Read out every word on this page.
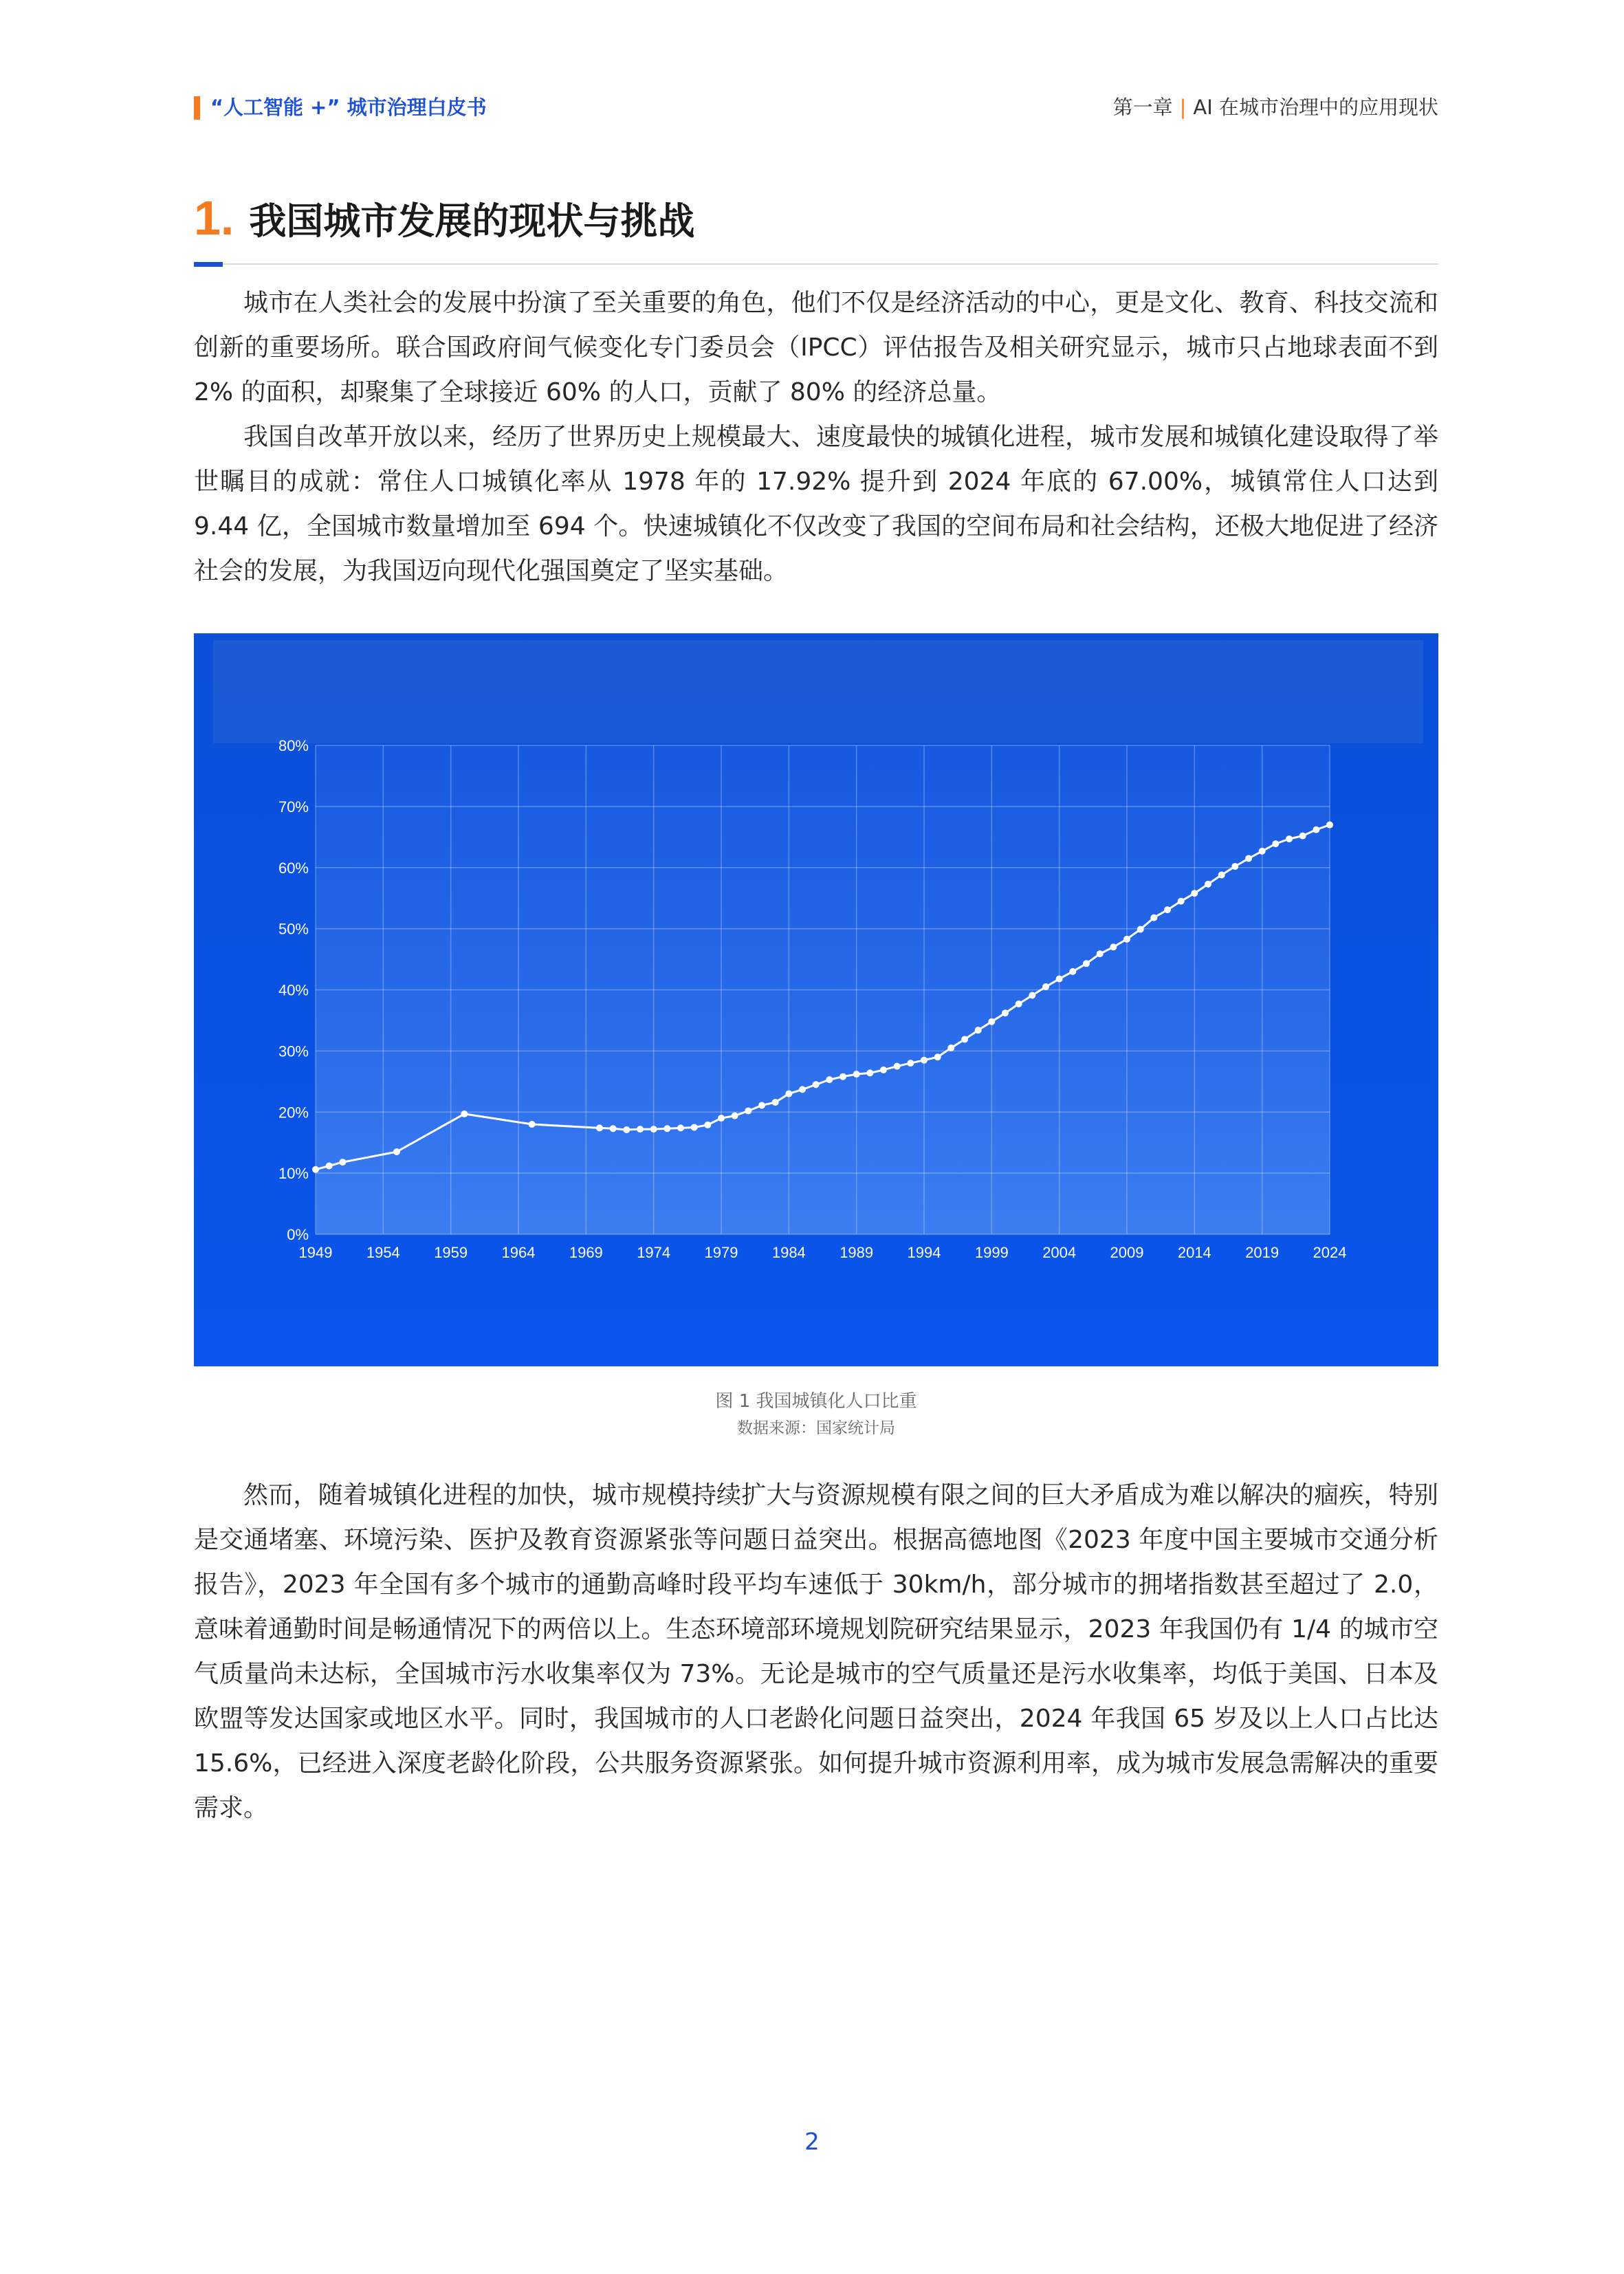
“人工智能 +” 城市治理白皮书	第一章 | AI 在城市治理中的应用现状
1. 我国城市发展的现状与挑战

城市在人类社会的发展中扮演了至关重要的角色，他们不仅是经济活动的中心，更是文化、教育、科技交流和创新的重要场所。联合国政府间气候变化专门委员会（IPCC）评估报告及相关研究显示，城市只占地球表面不到 2% 的面积，却聚集了全球接近 60% 的人口，贡献了 80% 的经济总量。

我国自改革开放以来，经历了世界历史上规模最大、速度最快的城镇化进程，城市发展和城镇化建设取得了举世瞩目的成就：常住人口城镇化率从 1978 年的 17.92% 提升到 2024 年底的 67.00%，城镇常住人口达到 9.44 亿，全国城市数量增加至 694 个。快速城镇化不仅改变了我国的空间布局和社会结构，还极大地促进了经济社会的发展，为我国迈向现代化强国奠定了坚实基础。

0%
10%
20%
30%
40%
50%
60%
70%
80%
1949 1954 1959 1964 1969 1974 1979 1984 1989 1994 1999 2004 2009 2014 2019 2024
图 1 我国城镇化人口比重
数据来源：国家统计局

然而，随着城镇化进程的加快，城市规模持续扩大与资源规模有限之间的巨大矛盾成为难以解决的痼疾，特别是交通堵塞、环境污染、医护及教育资源紧张等问题日益突出。根据高德地图《2023 年度中国主要城市交通分析报告》，2023 年全国有多个城市的通勤高峰时段平均车速低于 30km/h，部分城市的拥堵指数甚至超过了 2.0，意味着通勤时间是畅通情况下的两倍以上。生态环境部环境规划院研究结果显示，2023 年我国仍有 1/4 的城市空气质量尚未达标，全国城市污水收集率仅为 73%。无论是城市的空气质量还是污水收集率，均低于美国、日本及欧盟等发达国家或地区水平。同时，我国城市的人口老龄化问题日益突出，2024 年我国 65 岁及以上人口占比达 15.6%，已经进入深度老龄化阶段，公共服务资源紧张。如何提升城市资源利用率，成为城市发展急需解决的重要需求。

2
